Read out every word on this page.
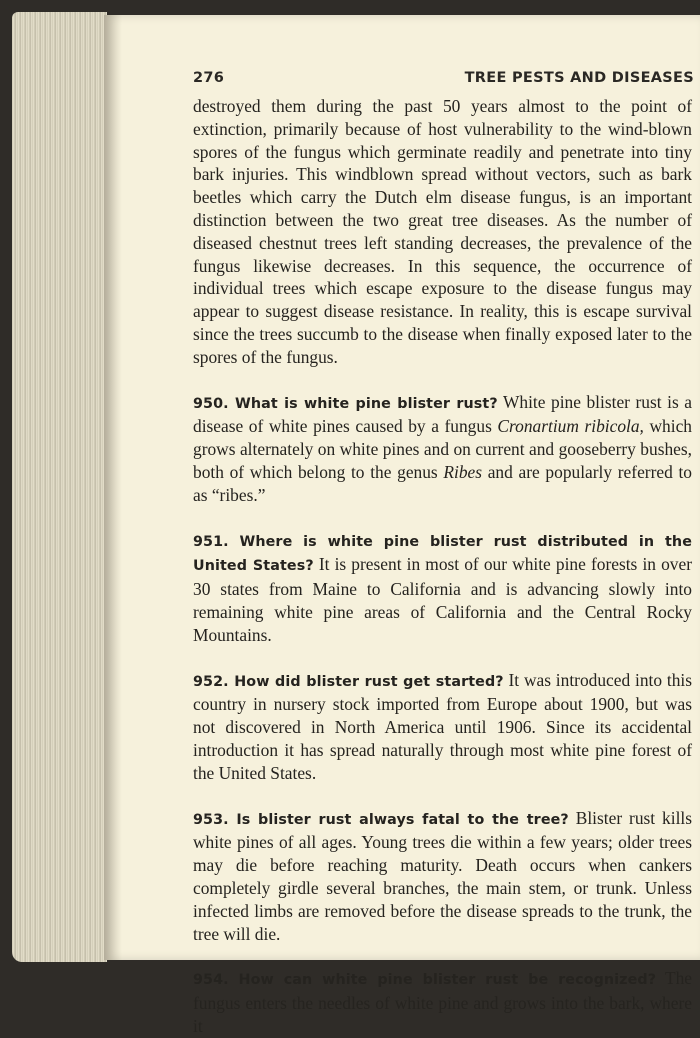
276	TREE PESTS AND DISEASES

destroyed them during the past 50 years almost to the point of extinction, primarily because of host vulnerability to the wind-blown spores of the fungus which germinate readily and penetrate into tiny bark injuries. This windblown spread without vectors, such as bark beetles which carry the Dutch elm disease fungus, is an important distinction between the two great tree diseases. As the number of diseased chestnut trees left standing decreases, the prevalence of the fungus likewise decreases. In this sequence, the occurrence of individual trees which escape exposure to the disease fungus may appear to suggest disease resistance. In reality, this is escape survival since the trees succumb to the disease when finally exposed later to the spores of the fungus.

950. What is white pine blister rust? White pine blister rust is a disease of white pines caused by a fungus Cronartium ribicola, which grows alternately on white pines and on current and gooseberry bushes, both of which belong to the genus Ribes and are popularly referred to as “ribes.”

951. Where is white pine blister rust distributed in the United States? It is present in most of our white pine forests in over 30 states from Maine to California and is advancing slowly into remaining white pine areas of California and the Central Rocky Mountains.

952. How did blister rust get started? It was introduced into this country in nursery stock imported from Europe about 1900, but was not discovered in North America until 1906. Since its accidental introduction it has spread naturally through most white pine forest of the United States.

953. Is blister rust always fatal to the tree? Blister rust kills white pines of all ages. Young trees die within a few years; older trees may die before reaching maturity. Death occurs when cankers completely girdle several branches, the main stem, or trunk. Unless infected limbs are removed before the disease spreads to the trunk, the tree will die.

954. How can white pine blister rust be recognized? The fungus enters the needles of white pine and grows into the bark, where it
